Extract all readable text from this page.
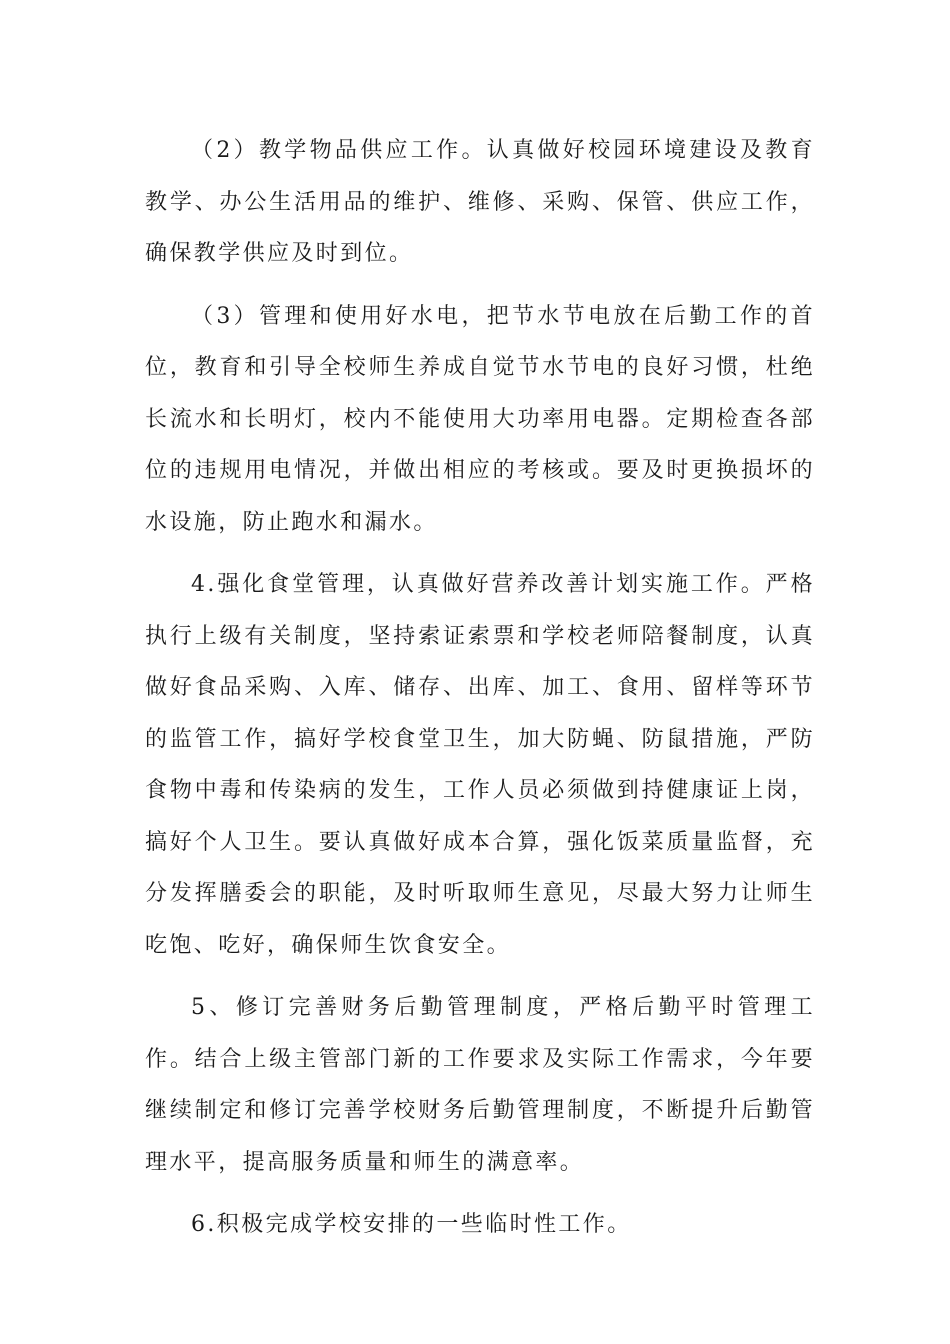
（2）教学物品供应工作。认真做好校园环境建设及教育教学、办公生活用品的维护、维修、采购、保管、供应工作，确保教学供应及时到位。

（3）管理和使用好水电，把节水节电放在后勤工作的首位，教育和引导全校师生养成自觉节水节电的良好习惯，杜绝长流水和长明灯，校内不能使用大功率用电器。定期检查各部位的违规用电情况，并做出相应的考核或。要及时更换损坏的水设施，防止跑水和漏水。

4.强化食堂管理，认真做好营养改善计划实施工作。严格执行上级有关制度，坚持索证索票和学校老师陪餐制度，认真做好食品采购、入库、储存、出库、加工、食用、留样等环节的监管工作，搞好学校食堂卫生，加大防蝇、防鼠措施，严防食物中毒和传染病的发生，工作人员必须做到持健康证上岗，搞好个人卫生。要认真做好成本合算，强化饭菜质量监督，充分发挥膳委会的职能，及时听取师生意见，尽最大努力让师生吃饱、吃好，确保师生饮食安全。

5、修订完善财务后勤管理制度，严格后勤平时管理工作。结合上级主管部门新的工作要求及实际工作需求，今年要继续制定和修订完善学校财务后勤管理制度，不断提升后勤管理水平，提高服务质量和师生的满意率。

6.积极完成学校安排的一些临时性工作。
